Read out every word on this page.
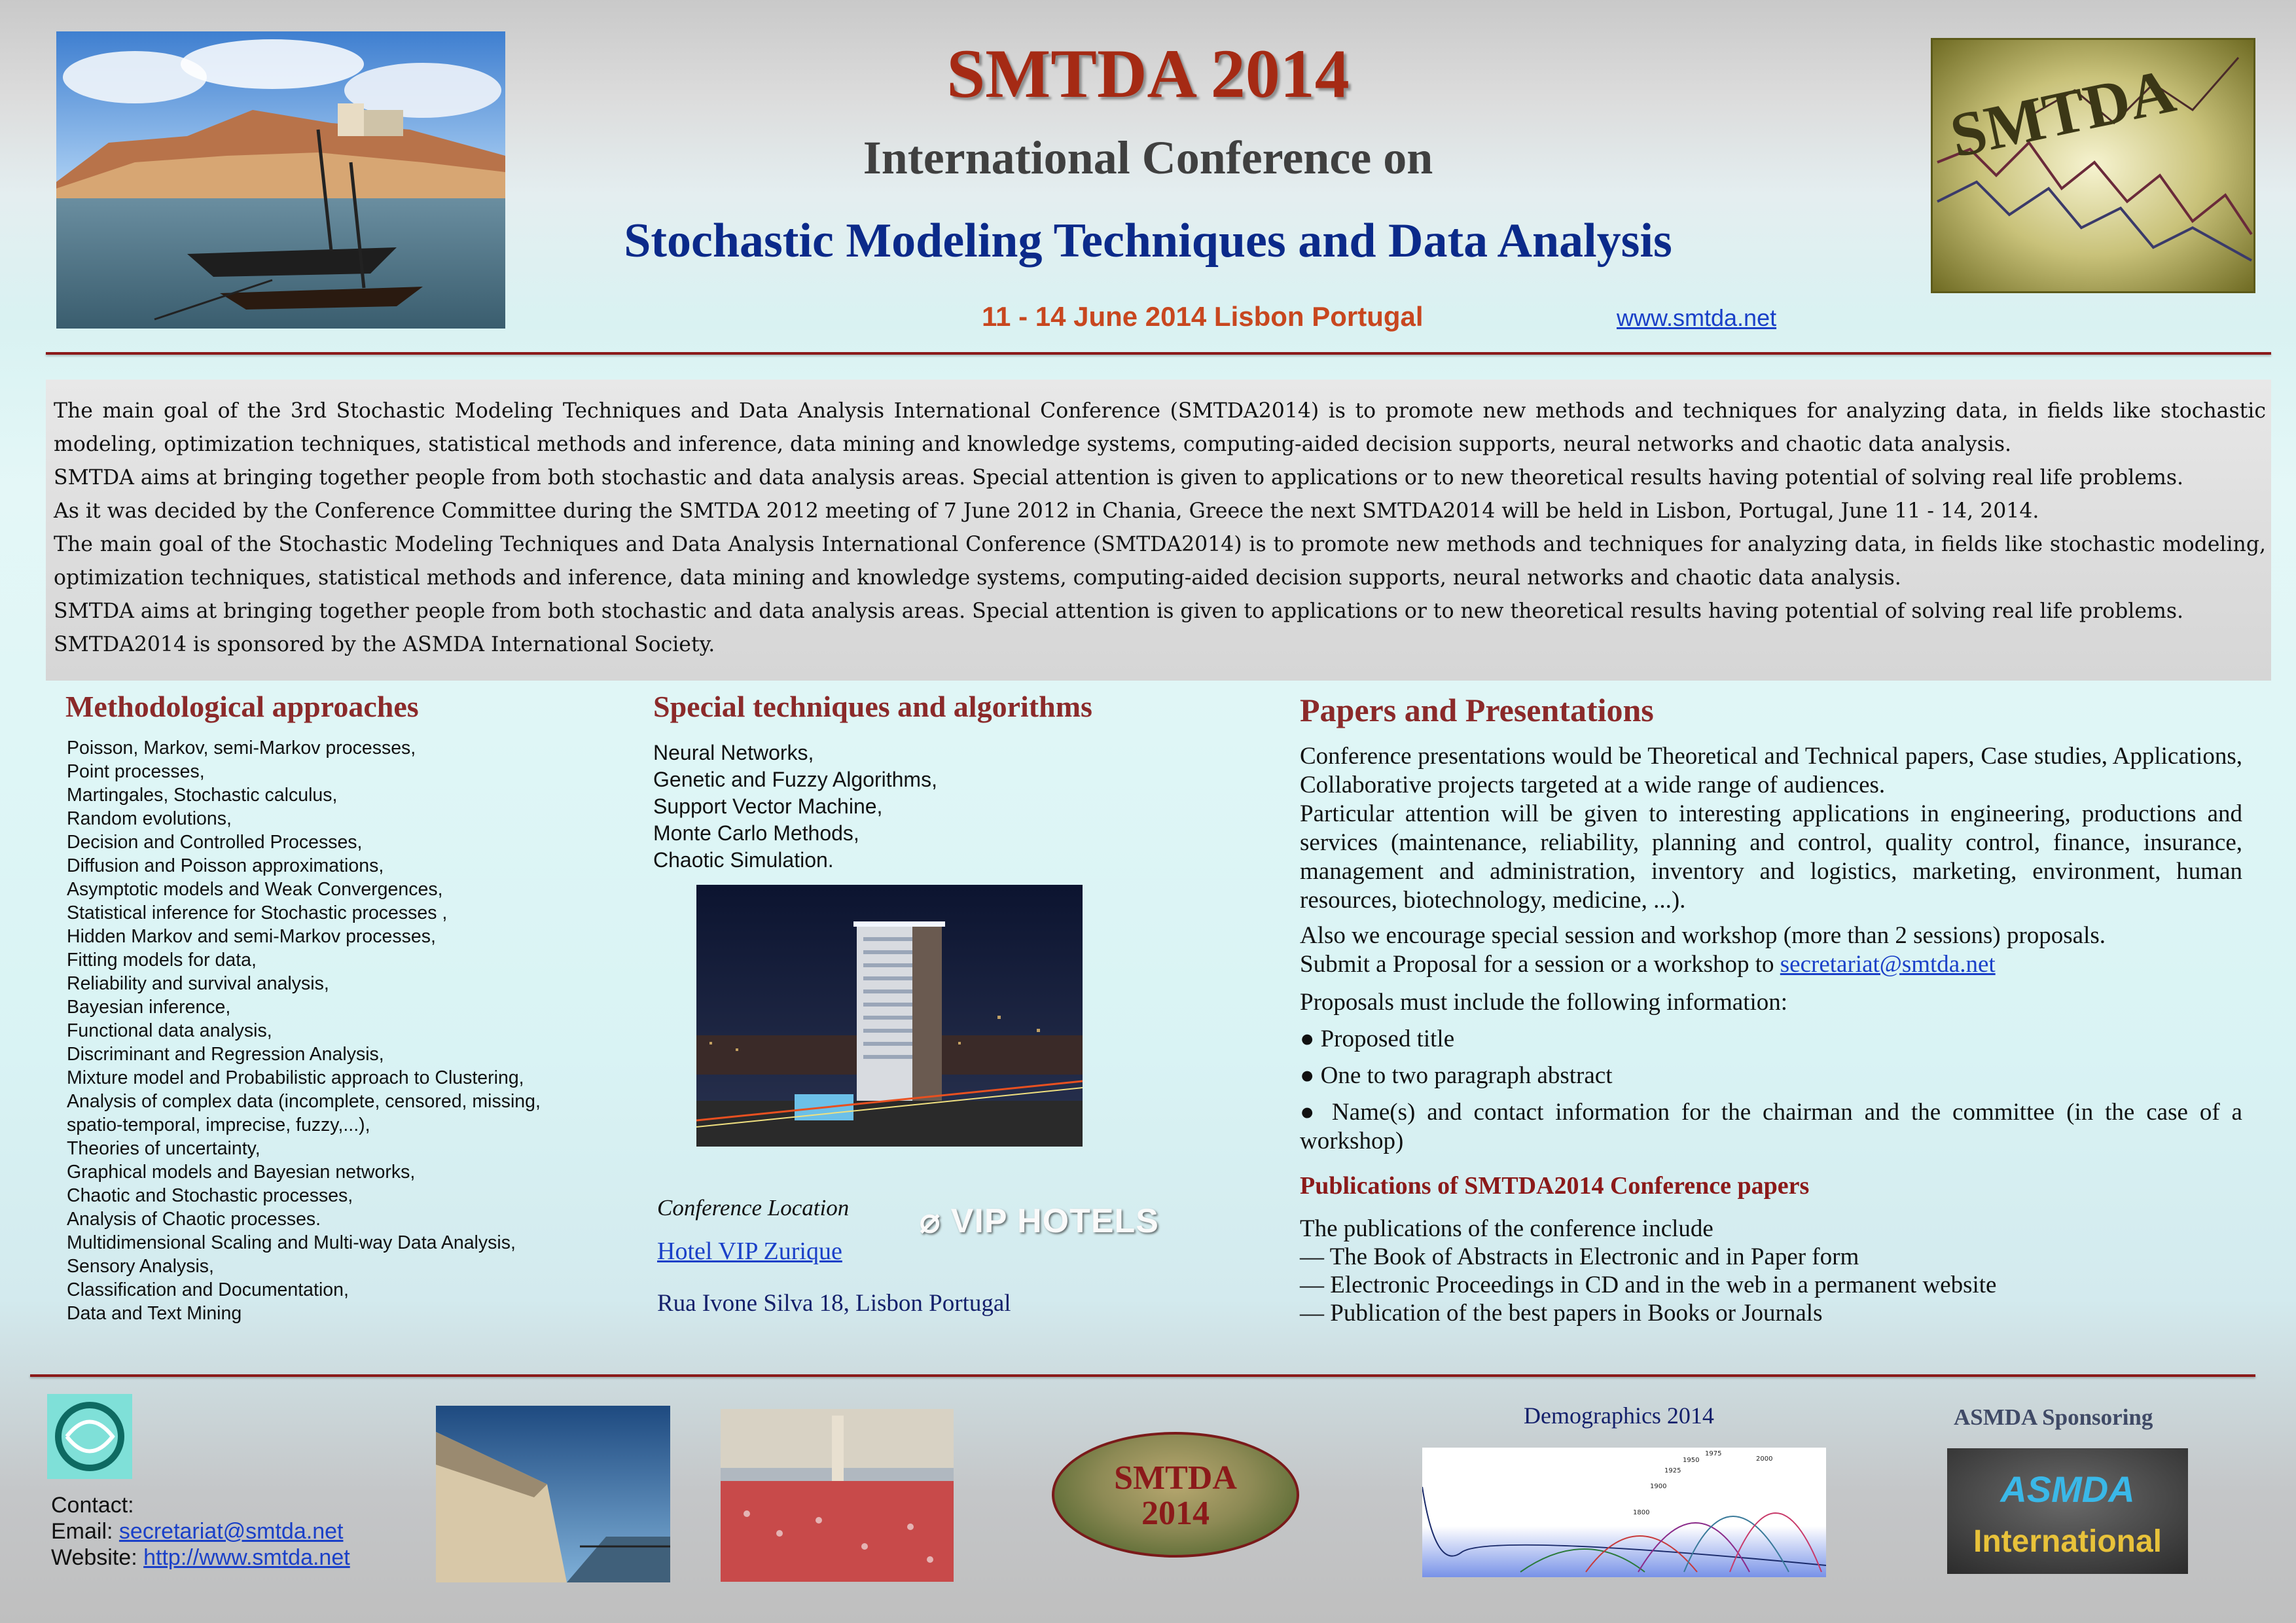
SMTDA 2014
International Conference on
Stochastic Modeling Techniques and Data Analysis
11 - 14 June 2014 Lisbon Portugal	www.smtda.net
SMTDA

The main goal of the 3rd Stochastic Modeling Techniques and Data Analysis International Conference (SMTDA2014) is to promote new methods and techniques for analyzing data, in fields like stochastic modeling, optimization techniques, statistical methods and inference, data mining and knowledge systems, computing-aided decision supports, neural networks and chaotic data analysis.

SMTDA aims at bringing together people from both stochastic and data analysis areas. Special attention is given to applications or to new theoretical results having potential of solving real life problems.

As it was decided by the Conference Committee during the SMTDA 2012 meeting of 7 June 2012 in Chania, Greece the next SMTDA2014 will be held in Lisbon, Portugal, June 11 - 14, 2014.

The main goal of the Stochastic Modeling Techniques and Data Analysis International Conference (SMTDA2014) is to promote new methods and techniques for analyzing data, in fields like stochastic modeling, optimization techniques, statistical methods and inference, data mining and knowledge systems, computing-aided decision supports, neural networks and chaotic data analysis.

SMTDA aims at bringing together people from both stochastic and data analysis areas. Special attention is given to applications or to new theoretical results having potential of solving real life problems.

SMTDA2014 is sponsored by the ASMDA International Society.

Methodological approaches
Poisson, Markov, semi-Markov processes,
Point processes,
Martingales, Stochastic calculus,
Random evolutions,
Decision and Controlled Processes,
Diffusion and Poisson approximations,
Asymptotic models and Weak Convergences,
Statistical inference for Stochastic processes ,
Hidden Markov and semi-Markov processes,
Fitting models for data,
Reliability and survival analysis,
Bayesian inference,
Functional data analysis,
Discriminant and Regression Analysis,
Mixture model and Probabilistic approach to Clustering,
Analysis of complex data (incomplete, censored, missing,
spatio-temporal, imprecise, fuzzy,...),
Theories of uncertainty,
Graphical models and Bayesian networks,
Chaotic and Stochastic processes,
Analysis of Chaotic processes.
Multidimensional Scaling and Multi-way Data Analysis,
Sensory Analysis,
Classification and Documentation,
Data and Text Mining
Special techniques and algorithms
Neural Networks,
Genetic and Fuzzy Algorithms,
Support Vector Machine,
Monte Carlo Methods,
Chaotic Simulation.
Conference Location ⌀ VIP HOTELS
Hotel VIP Zurique
Rua Ivone Silva 18, Lisbon Portugal
Papers and Presentations

Conference presentations would be Theoretical and Technical papers, Case studies, Applications, Collaborative projects targeted at a wide range of audiences.

Particular attention will be given to interesting applications in engineering, productions and services (maintenance, reliability, planning and control, quality control, finance, insurance, management and administration, inventory and logistics, marketing, environment, human resources, biotechnology, medicine, ...).

Also we encourage special session and workshop (more than 2 sessions) proposals.

Submit a Proposal for a session or a workshop to secretariat@smtda.net

Proposals must include the following information:

● Proposed title
● One to two paragraph abstract
● Name(s) and contact information for the chairman and the committee (in the case of a workshop)
Publications of SMTDA2014 Conference papers
The publications of the conference include
— The Book of Abstracts in Electronic and in Paper form
— Electronic Proceedings in CD and in the web in a permanent website
— Publication of the best papers in Books or Journals
Contact:
Email: secretariat@smtda.net
Website: http://www.smtda.net
SMTDA
2014
Demographics 2014
1800
1900
1925
1950
1975
2000
ASMDA Sponsoring
ASMDA
International
